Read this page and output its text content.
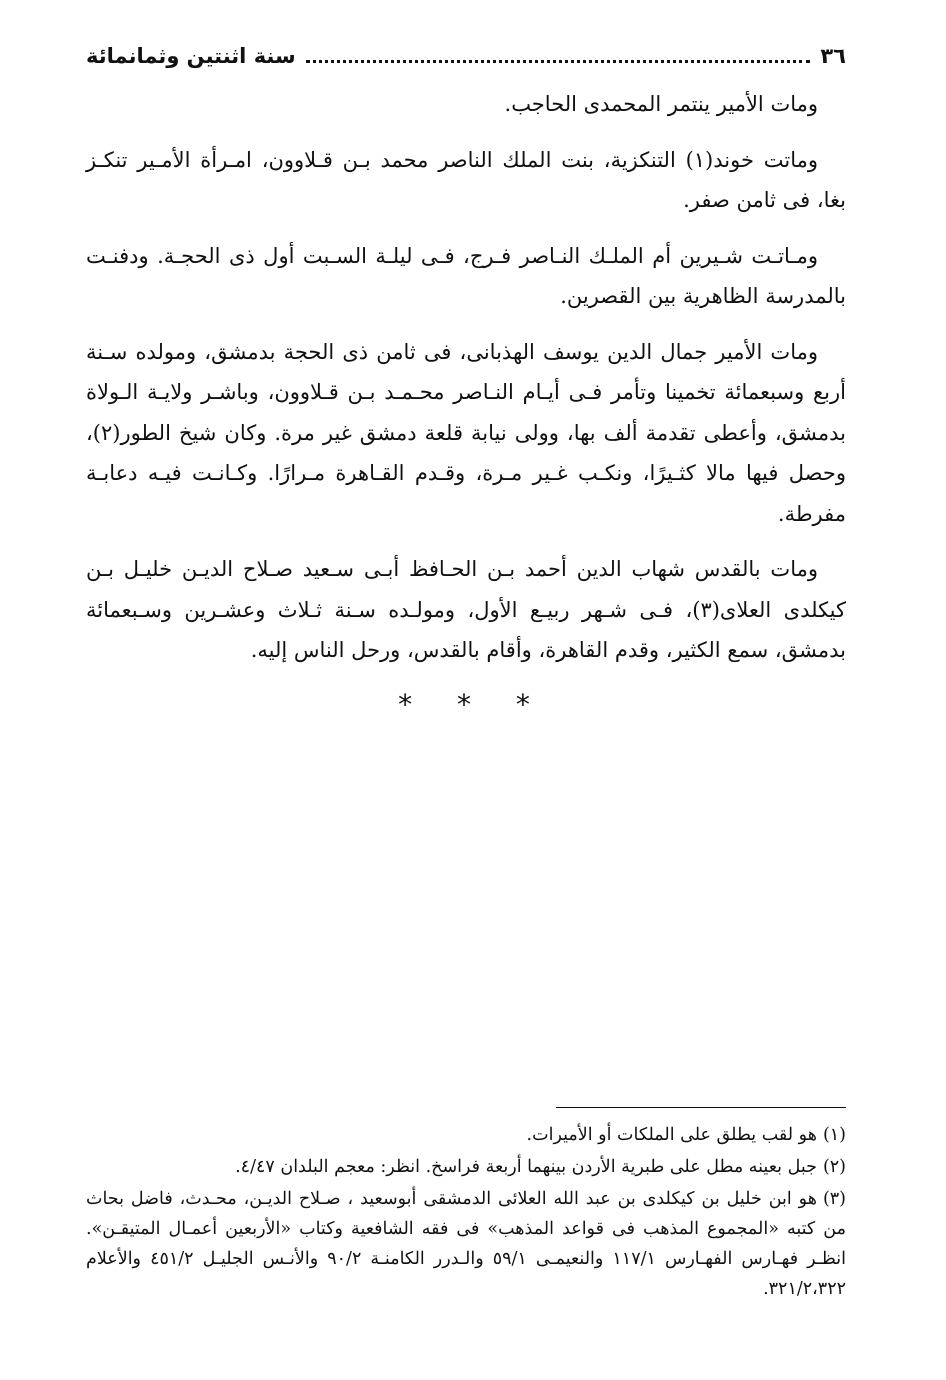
٣٦
سنة اثنتين وثمانمائة

ومات الأمير ينتمر المحمدى الحاجب.

وماتت خوند(١) التنكزية، بنت الملك الناصر محمد بـن قـلاوون، امـرأة الأمـير تنكـز بغا، فى ثامن صفر.

ومـاتـت شـيرين أم الملـك النـاصر فـرج، فـى ليلـة السـبت أول ذى الحجـة. ودفنـت بالمدرسة الظاهرية بين القصرين.

ومات الأمير جمال الدين يوسف الهذبانى، فى ثامن ذى الحجة بدمشق، ومولده سـنة أربع وسبعمائة تخمينا وتأمر فـى أيـام النـاصر محـمـد بـن قـلاوون، وباشـر ولايـة الـولاة بدمشق، وأعطى تقدمة ألف بها، وولى نيابة قلعة دمشق غير مرة. وكان شيخ الطور(٢)، وحصل فيها مالا كثـيرًا، ونكـب غـير مـرة، وقـدم القـاهرة مـرارًا. وكـانـت فيـه دعابـة مفرطة.

ومات بالقدس شهاب الدين أحمد بـن الحـافظ أبـى سـعيد صـلاح الديـن خليـل بـن كيكلدى العلاى(٣)، فـى شـهر ربيـع الأول، ومولـده سـنة ثـلاث وعشـرين وسـبعمائة بدمشق، سمع الكثير، وقدم القاهرة، وأقام بالقدس، ورحل الناس إليه.

* * *

(١)هو لقب يطلق على الملكات أو الأميرات.

(٢)جبل بعينه مطل على طبرية الأردن بينهما أربعة فراسخ. انظر: معجم البلدان ٤/٤٧.

(٣)هو ابن خليل بن كيكلدى بن عبد الله العلائى الدمشقى أبوسعيد ، صـلاح الديـن، محـدث، فاضل بحاث من كتبه «المجموع المذهب فى قواعد المذهب» فى فقه الشافعية وكتاب «الأربعين أعمـال المتيقـن». انظـر فهـارس الفهـارس ١١٧/١ والنعيمـى ٥٩/١ والـدرر الكامنـة ٩٠/٢ والأنـس الجليـل ٤٥١/٢ والأعلام ٣٢١/٢،٣٢٢.
